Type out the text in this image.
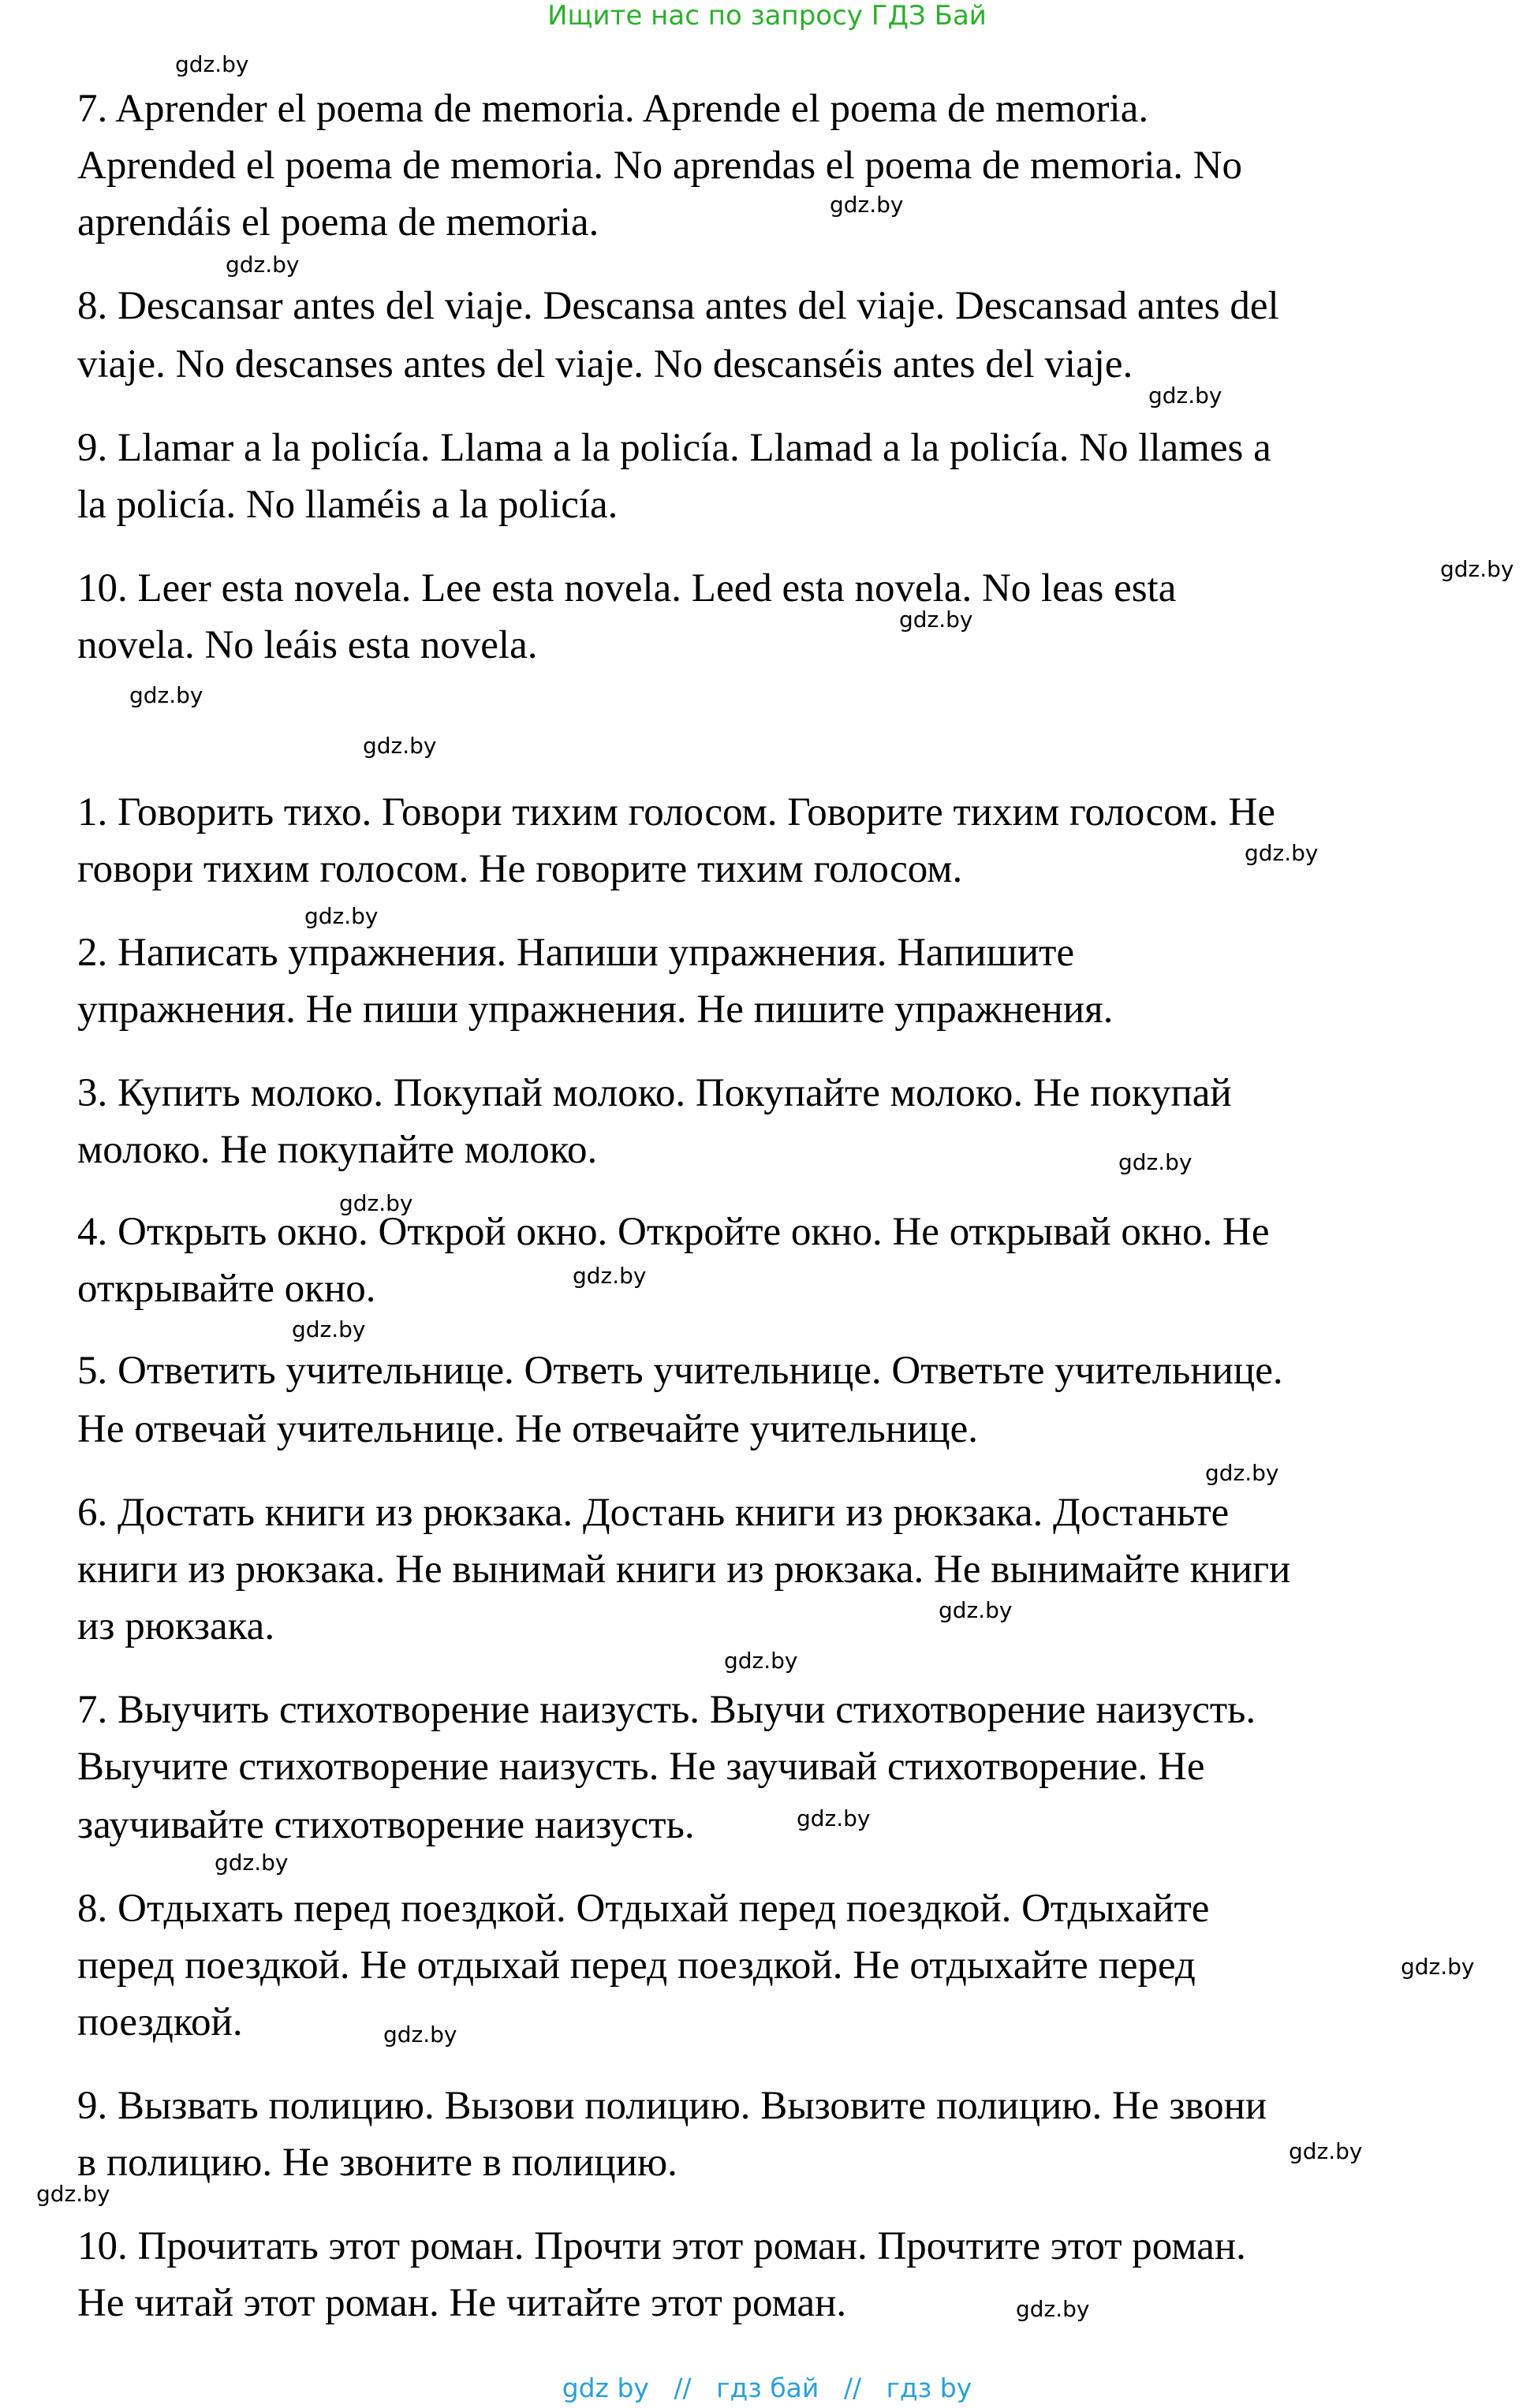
Ищите нас по запросу ГДЗ Бай
7. Aprender el poema de memoria. Aprende el poema de memoria.
Aprended el poema de memoria. No aprendas el poema de memoria. No
aprendáis el poema de memoria.
8. Descansar antes del viaje. Descansa antes del viaje. Descansad antes del
viaje. No descanses antes del viaje. No descanséis antes del viaje.
9. Llamar a la policía. Llama a la policía. Llamad a la policía. No llames a
la policía. No llaméis a la policía.
10. Leer esta novela. Lee esta novela. Leed esta novela. No leas esta
novela. No leáis esta novela.
1. Говорить тихо. Говори тихим голосом. Говорите тихим голосом. Не
говори тихим голосом. Не говорите тихим голосом.
2. Написать упражнения. Напиши упражнения. Напишите
упражнения. Не пиши упражнения. Не пишите упражнения.
3. Купить молоко. Покупай молоко. Покупайте молоко. Не покупай
молоко. Не покупайте молоко.
4. Открыть окно. Открой окно. Откройте окно. Не открывай окно. Не
открывайте окно.
5. Ответить учительнице. Ответь учительнице. Ответьте учительнице.
Не отвечай учительнице. Не отвечайте учительнице.
6. Достать книги из рюкзака. Достань книги из рюкзака. Достаньте
книги из рюкзака. Не вынимай книги из рюкзака. Не вынимайте книги
из рюкзака.
7. Выучить стихотворение наизусть. Выучи стихотворение наизусть.
Выучите стихотворение наизусть. Не заучивай стихотворение. Не
заучивайте стихотворение наизусть.
8. Отдыхать перед поездкой. Отдыхай перед поездкой. Отдыхайте
перед поездкой. Не отдыхай перед поездкой. Не отдыхайте перед
поездкой.
9. Вызвать полицию. Вызови полицию. Вызовите полицию. Не звони
в полицию. Не звоните в полицию.
10. Прочитать этот роман. Прочти этот роман. Прочтите этот роман.
Не читай этот роман. Не читайте этот роман.
gdz.by
gdz.by
gdz.by
gdz.by
gdz.by
gdz.by
gdz.by
gdz.by
gdz.by
gdz.by
gdz.by
gdz.by
gdz.by
gdz.by
gdz.by
gdz.by
gdz.by
gdz.by
gdz.by
gdz.by
gdz.by
gdz.by
gdz.by
gdz.by
gdz by // гдз бай // гдз by
